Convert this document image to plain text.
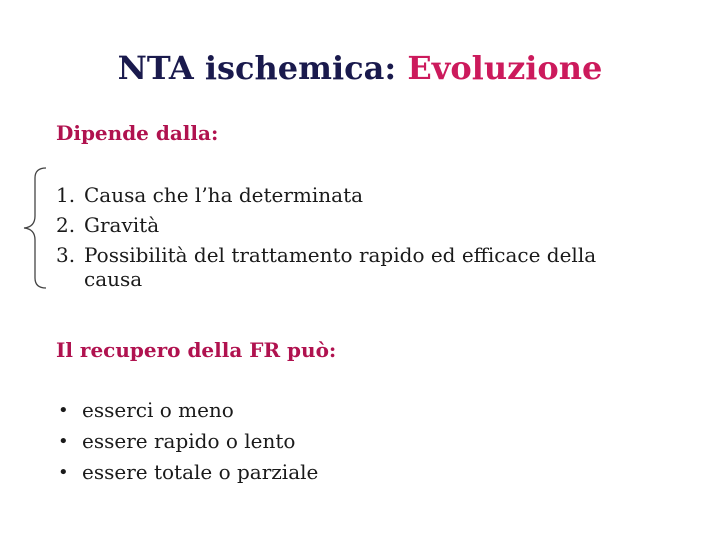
NTA ischemica: Evoluzione
Dipende dalla:
1. Causa che l’ha determinata
2. Gravità
3. Possibilità del trattamento rapido ed efficace della
causa
Il recupero della FR può:
• esserci o meno
• essere rapido o lento
• essere totale o parziale
